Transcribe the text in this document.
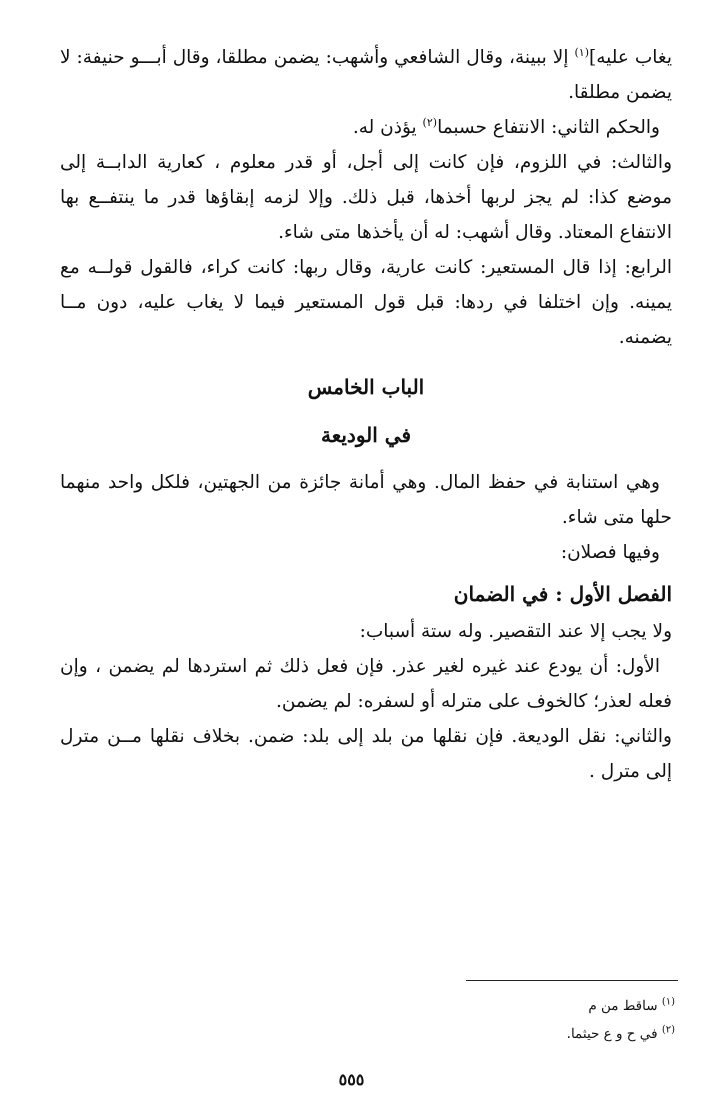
يغاب عليه]$^{(١)}$ إلا ببينة، وقال الشافعي وأشهب: يضمن مطلقا، وقال أبـــو حنيفة: لا يضمن مطلقا.

والحكم الثاني: الانتفاع حسبما$^{(٢)}$ يؤذن له.

والثالث: في اللزوم، فإن كانت إلى أجل، أو قدر معلوم ، كعارية الدابــة إلى موضع كذا: لم يجز لربها أخذها، قبل ذلك. وإلا لزمه إبقاؤها قدر ما ينتفــع بها الانتفاع المعتاد. وقال أشهب: له أن يأخذها متى شاء.

الرابع: إذا قال المستعير: كانت عارية، وقال ربها: كانت كراء، فالقول قولــه مع يمينه. وإن اختلفا في ردها: قبل قول المستعير فيما لا يغاب عليه، دون مــا يضمنه.

الباب الخامس
في الوديعة

وهي استنابة في حفظ المال. وهي أمانة جائزة من الجهتين، فلكل واحد منهما حلها متى شاء.

وفيها فصلان:

الفصل الأول : في الضمان

ولا يجب إلا عند التقصير. وله ستة أسباب:

الأول: أن يودع عند غيره لغير عذر. فإن فعل ذلك ثم استردها لم يضمن ، وإن فعله لعذر؛ كالخوف على مترله أو لسفره: لم يضمن.

والثاني: نقل الوديعة. فإن نقلها من بلد إلى بلد: ضمن. بخلاف نقلها مــن مترل إلى مترل .

$^{(١)}$ ساقط من م
$^{(٢)}$ في ح و ع حيثما.
٥٥٥
